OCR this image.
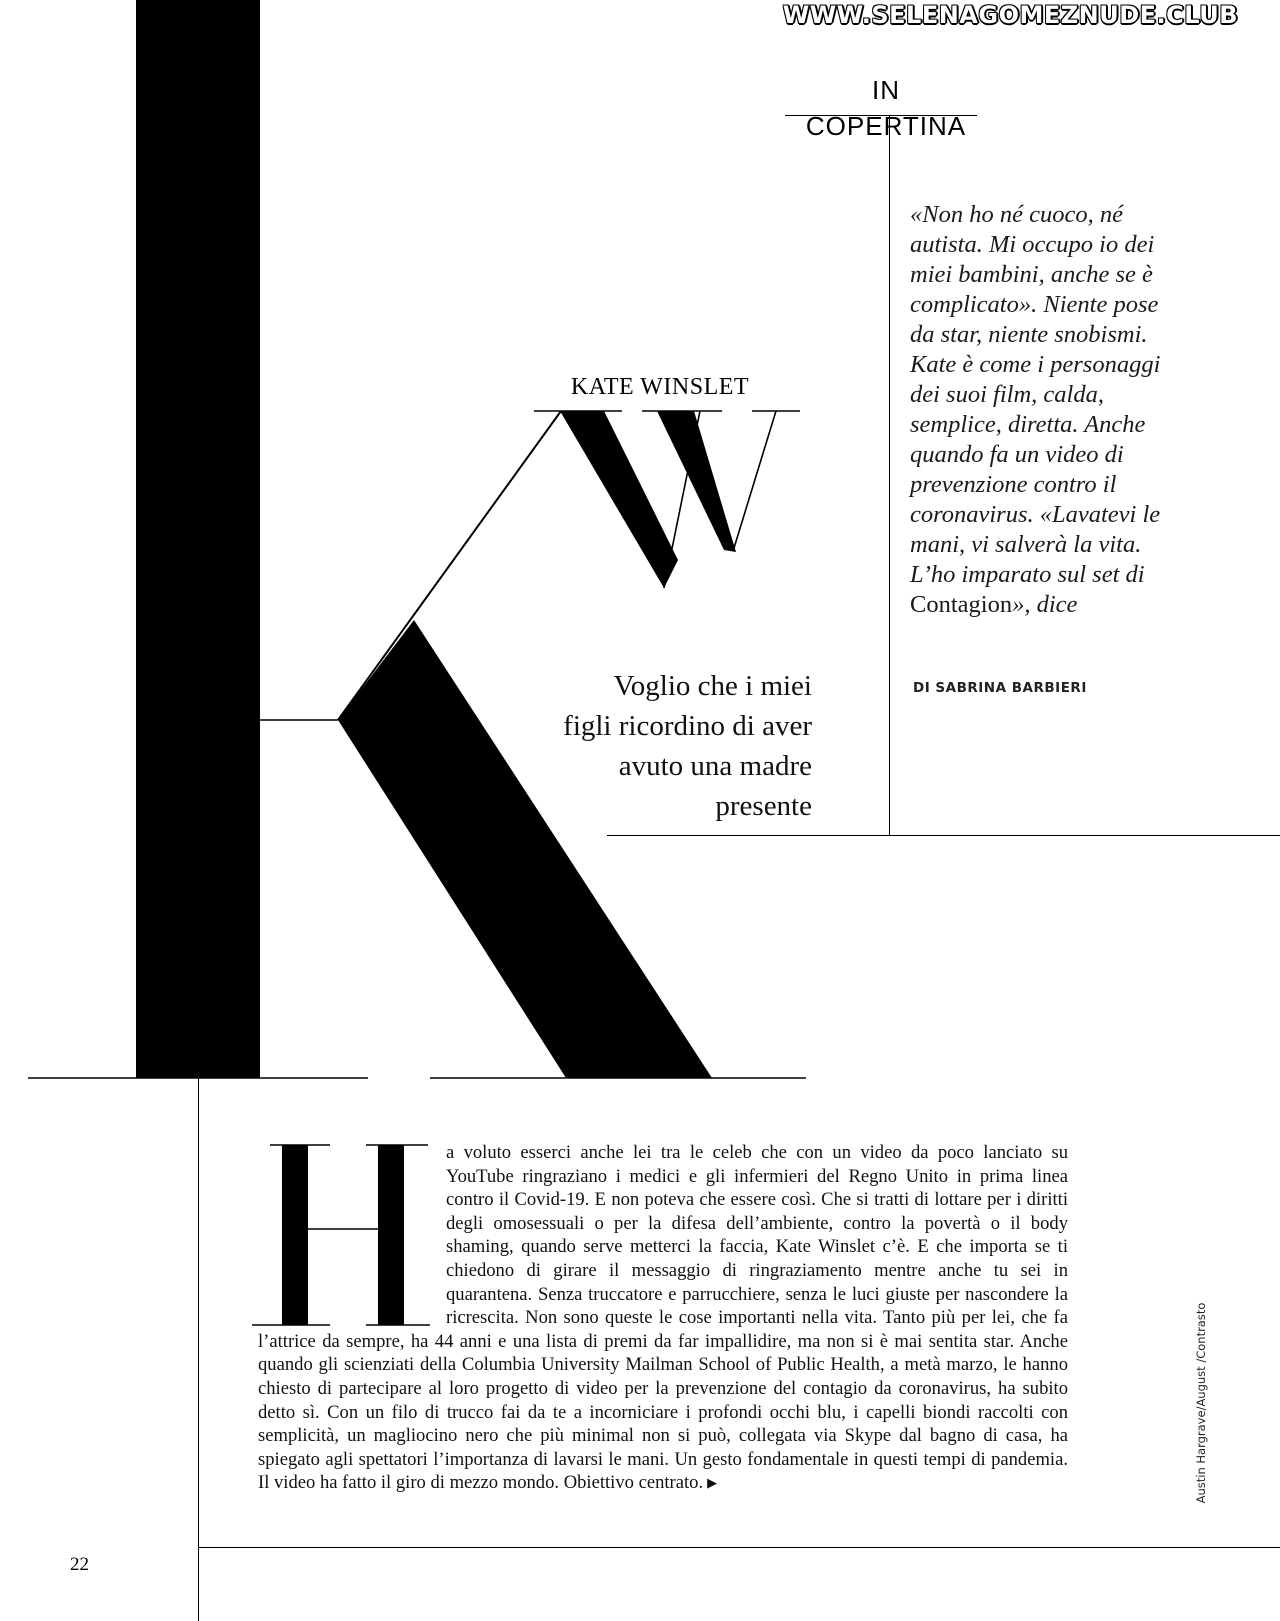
WWW.SELENAGOMEZNUDE.CLUB
IN COPERTINA
KATE WINSLET
«Non ho né cuoco, né autista. Mi occupo io dei miei bambini, anche se è complicato». Niente pose da star, niente snobismi. Kate è come i personaggi dei suoi film, calda, semplice, diretta. Anche quando fa un video di prevenzione contro il coronavirus. «Lavatevi le mani, vi salverà la vita. L’ho imparato sul set di Contagion», dice
DI SABRINA BARBIERI
Voglio che i miei figli ricordino di aver avuto una madre presente
a voluto esserci anche lei tra le celeb che con un video da poco lanciato su YouTube ringraziano i medici e gli infermieri del Regno Unito in prima linea contro il Covid-19. E non poteva che essere così. Che si tratti di lottare per i diritti degli omosessuali o per la difesa dell’ambiente, contro la povertà o il body shaming, quando serve metterci la faccia, Kate Winslet c’è. E che importa se ti chiedono di girare il messaggio di ringraziamento mentre anche tu sei in quarantena. Senza truccatore e parrucchiere, senza le luci giuste per nascondere la ricrescita. Non sono queste le cose importanti nella vita. Tanto più per lei, che fa l’attrice da sempre, ha 44 anni e una lista di premi da far impallidire, ma non si è mai sentita star. Anche quando gli scienziati della Columbia University Mailman School of Public Health, a metà marzo, le hanno chiesto di partecipare al loro progetto di video per la prevenzione del contagio da coronavirus, ha subito detto sì. Con un filo di trucco fai da te a incorniciare i profondi occhi blu, i capelli biondi raccolti con semplicità, un magliocino nero che più minimal non si può, collegata via Skype dal bagno di casa, ha spiegato agli spettatori l’importanza di lavarsi le mani. Un gesto fondamentale in questi tempi di pandemia. Il video ha fatto il giro di mezzo mondo. Obiettivo centrato. ▶	Austin Hargrave/August /Contrasto
22
